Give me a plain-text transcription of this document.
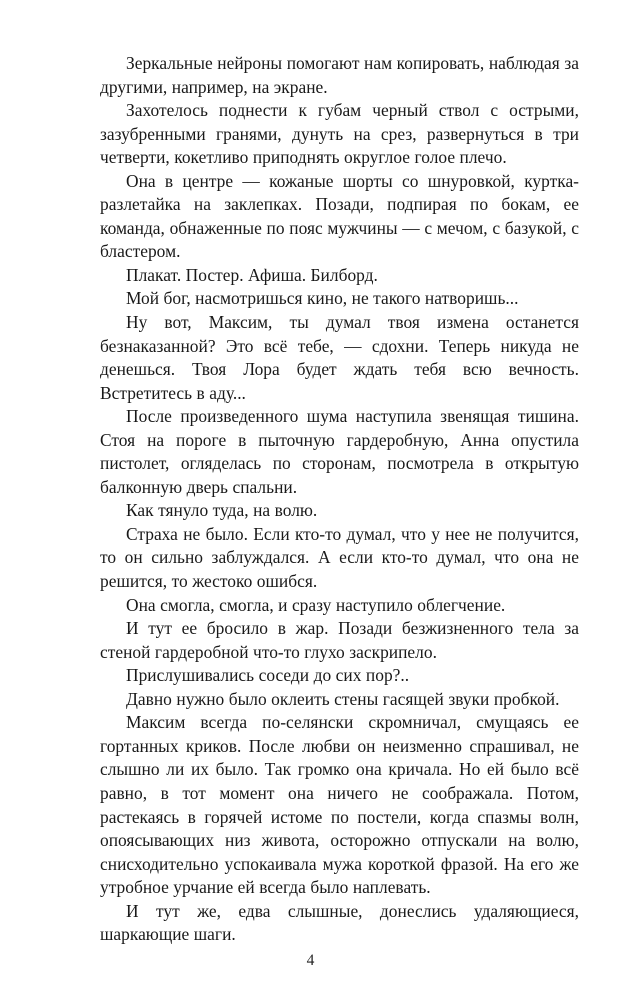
Зеркальные нейроны помогают нам копировать, наблюдая за другими, например, на экране.

Захотелось поднести к губам черный ствол с острыми, зазубренными гранями, дунуть на срез, развернуться в три четверти, кокетливо приподнять округлое голое плечо.

Она в центре — кожаные шорты со шнуровкой, куртка-разлетайка на заклепках. Позади, подпирая по бокам, ее команда, обнаженные по пояс мужчины — с мечом, с базукой, с бластером.

Плакат. Постер. Афиша. Билборд.

Мой бог, насмотришься кино, не такого натворишь...

Ну вот, Максим, ты думал твоя измена останется безнаказанной? Это всё тебе, — сдохни. Теперь никуда не денешься. Твоя Лора будет ждать тебя всю вечность. Встретитесь в аду...

После произведенного шума наступила звенящая тишина. Стоя на пороге в пыточную гардеробную, Анна опустила пистолет, огляделась по сторонам, посмотрела в открытую балконную дверь спальни.

Как тянуло туда, на волю.

Страха не было. Если кто-то думал, что у нее не получится, то он сильно заблуждался. А если кто-то думал, что она не решится, то жестоко ошибся.

Она смогла, смогла, и сразу наступило облегчение.

И тут ее бросило в жар. Позади безжизненного тела за стеной гардеробной что-то глухо заскрипело.

Прислушивались соседи до сих пор?..

Давно нужно было оклеить стены гасящей звуки пробкой.

Максим всегда по-селянски скромничал, смущаясь ее гортанных криков. После любви он неизменно спрашивал, не слышно ли их было. Так громко она кричала. Но ей было всё равно, в тот момент она ничего не соображала. Потом, растекаясь в горячей истоме по постели, когда спазмы волн, опоясывающих низ живота, осторожно отпускали на волю, снисходительно успокаивала мужа короткой фразой. На его же утробное урчание ей всегда было наплевать.

И тут же, едва слышные, донеслись удаляющиеся, шаркающие шаги.

4
